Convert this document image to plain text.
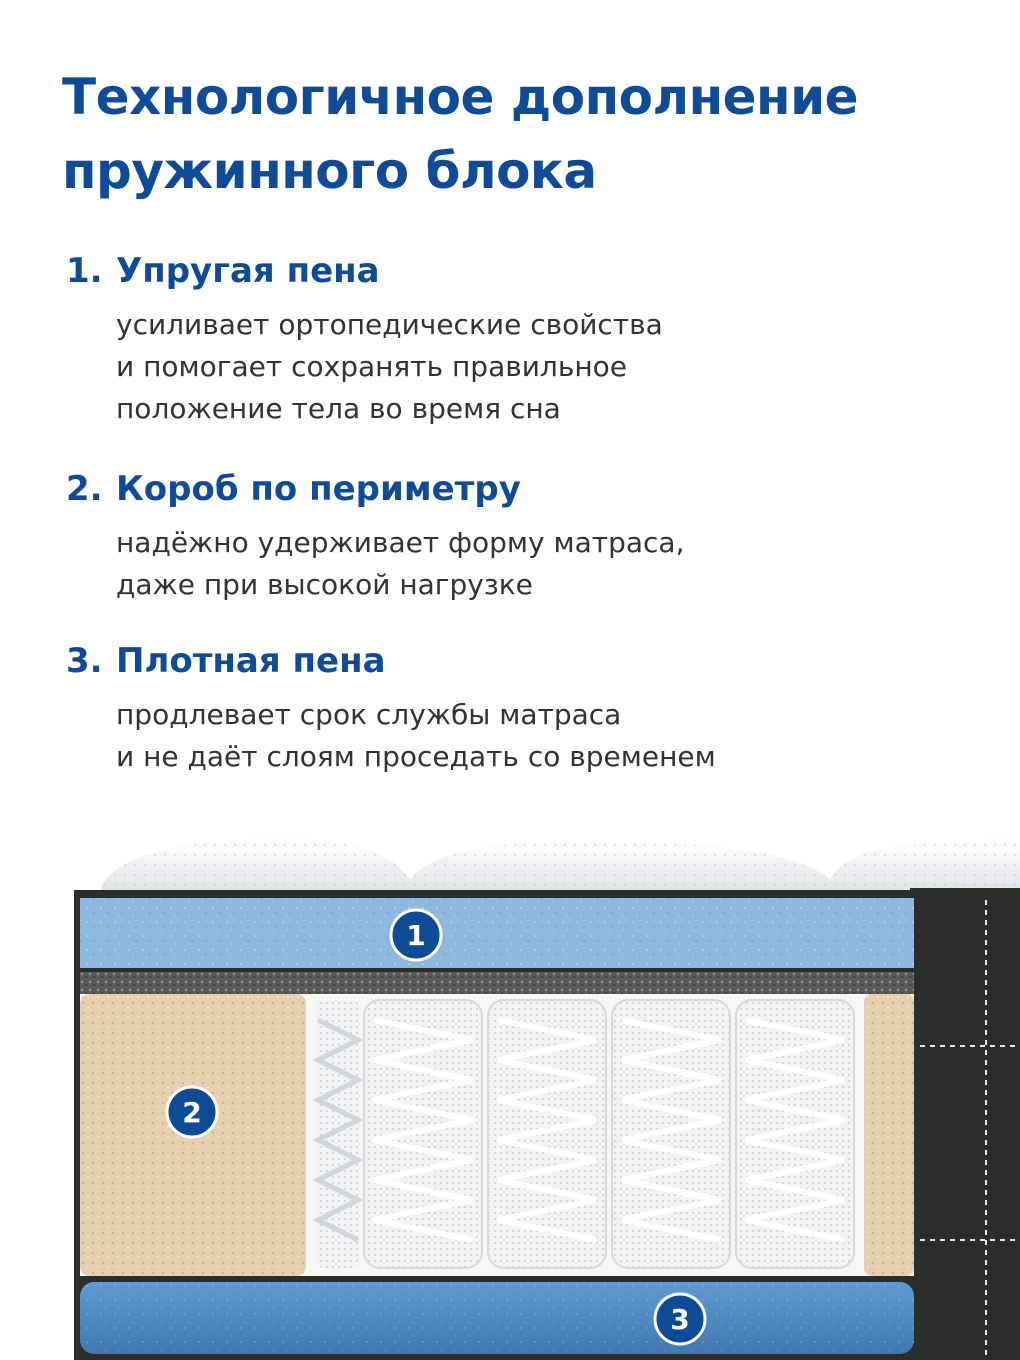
Технологичное дополнение
пружинного блока
1. Упругая пена
усиливает ортопедические свойства
и помогает сохранять правильное
положение тела во время сна
2. Короб по периметру
надёжно удерживает форму матраса,
даже при высокой нагрузке
3. Плотная пена
продлевает срок службы матраса
и не даёт слоям проседать со временем
1
2
3
